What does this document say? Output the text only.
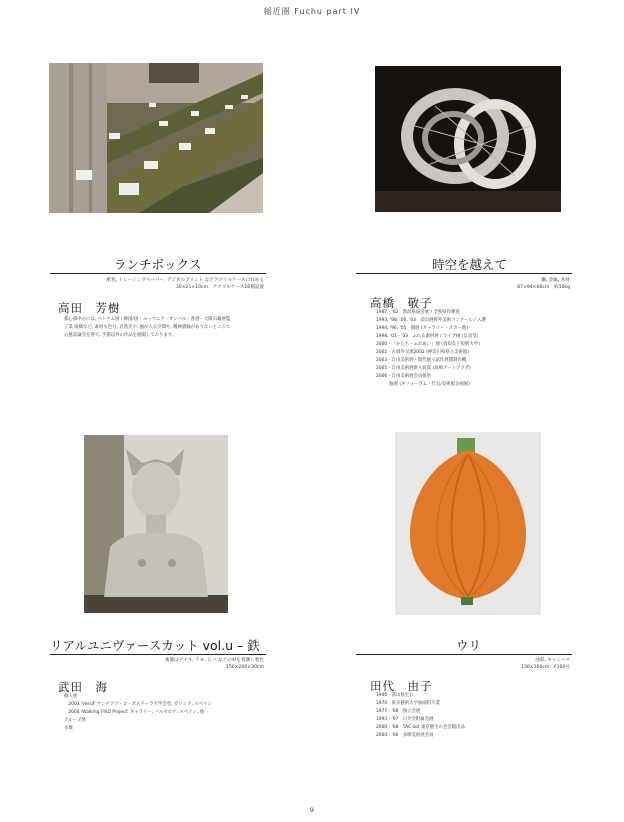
稲近圏 Fuchu part IV
ランチボックス
紙包, トレーシングペーパー, デジタルプリント などアクリルケースに収める
30×21×10cm　アクリルケース16個設置
高田　芳樹
都心部中心には, ベトナム国・韓国/国・ルーマニア・オンパル・香港・大阪石蔵展覧
工業 染織など, 素材も色分, 自然光や, 風が入る空間や, 精神描線がありないところで
心風景論会を得て, 手描以外の作品を展開しております。
時空を越えて
鋼, 金属, 木材
87×94×66cm　約10kg
高橋　敬子
1987 - '02　新潟県協会展 / 全県県作審査
1993, '98, '00, '03　渓山展野外美術コンクール / 入選
1994, '96, '05　個展 (ギャラリー・オカー他)
1998, '01 - '03　ふれる素材展 / ライブHI (自設堂)
2000 - 「かたち・ふれあい」展 (真知女子短期大学)
2002 - 古層外交流2002 (神奈川県県立美術館)
2003 - 自由美術展・現代展示試作展開制作機
2005 - 自由美術展新人賞賞 (高崎アートプラザ)
2006 - 自由美術展会員推挙
　　　個展 (ギフォーラム・代官/美術館企画展)
リアルユニヴァースカット vol.u – 鉄
素儀はテナキ, テモ, ヒバ などの材を着側し着色
150×200×30cm
武田　海
個人展
　2003 'Versif' サンチアゴ・ロ・ポステーラ大学会堂, ガリシア, スペイン
　2004 'Walking FISD Project' ギャラリー, バルセロナ, スペイン, 他
グループ展
多数
ウリ
油彩, キャンバス
130×160cm　F100号
田代　由子
1946　富山県生れ
1970　東京藝術大学油画科卒業
1977 - '08　独立会展
1993 - '97　日介会附属会展
2000 - '08　TAC oot 東京藝生の会会館出品
2004 - '06　多摩美術展会員
9
